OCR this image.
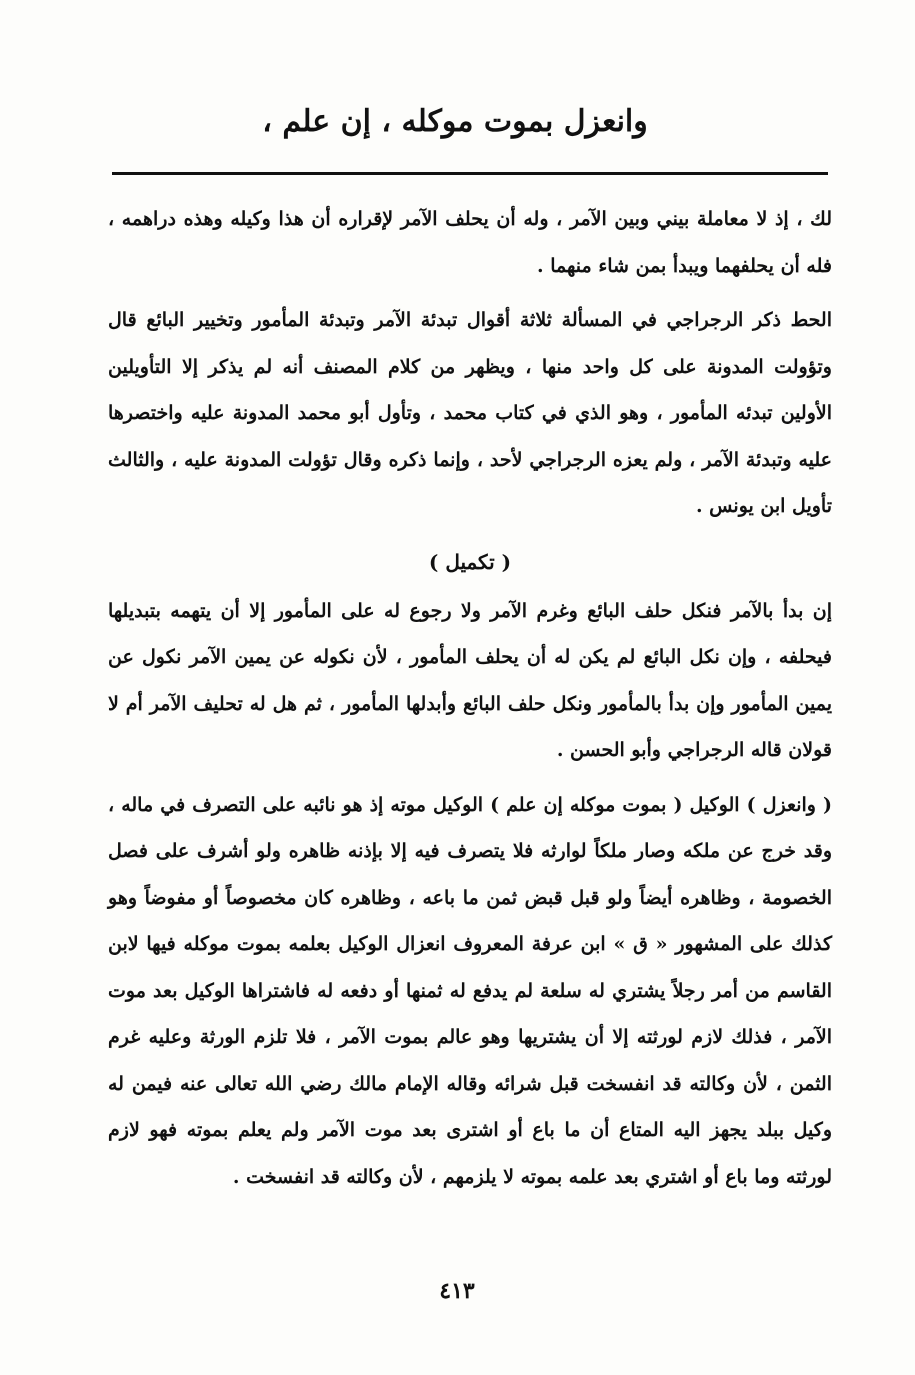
وانعزل بموت موكله ، إن علم ،

لك ، إذ لا معاملة بيني وبين الآمر ، وله أن يحلف الآمر لإقراره أن هذا وكيله وهذه دراهمه ، فله أن يحلفهما ويبدأ بمن شاء منهما .

الحط ذكر الرجراجي في المسألة ثلاثة أقوال تبدئة الآمر وتبدئة المأمور وتخيير البائع قال وتؤولت المدونة على كل واحد منها ، ويظهر من كلام المصنف أنه لم يذكر إلا التأويلين الأولين تبدئه المأمور ، وهو الذي في كتاب محمد ، وتأول أبو محمد المدونة عليه واختصرها عليه وتبدئة الآمر ، ولم يعزه الرجراجي لأحد ، وإنما ذكره وقال تؤولت المدونة عليه ، والثالث تأويل ابن يونس .

( تكميل )

إن بدأ بالآمر فنكل حلف البائع وغرم الآمر ولا رجوع له على المأمور إلا أن يتهمه بتبديلها فيحلفه ، وإن نكل البائع لم يكن له أن يحلف المأمور ، لأن نكوله عن يمين الآمر نكول عن يمين المأمور وإن بدأ بالمأمور ونكل حلف البائع وأبدلها المأمور ، ثم هل له تحليف الآمر أم لا قولان قاله الرجراجي وأبو الحسن .

( وانعزل ) الوكيل ( بموت موكله إن علم ) الوكيل موته إذ هو نائبه على التصرف في ماله ، وقد خرج عن ملكه وصار ملكاً لوارثه فلا يتصرف فيه إلا بإذنه ظاهره ولو أشرف على فصل الخصومة ، وظاهره أيضاً ولو قبل قبض ثمن ما باعه ، وظاهره كان مخصوصاً أو مفوضاً وهو كذلك على المشهور « ق » ابن عرفة المعروف انعزال الوكيل بعلمه بموت موكله فيها لابن القاسم من أمر رجلاً يشتري له سلعة لم يدفع له ثمنها أو دفعه له فاشتراها الوكيل بعد موت الآمر ، فذلك لازم لورثته إلا أن يشتريها وهو عالم بموت الآمر ، فلا تلزم الورثة وعليه غرم الثمن ، لأن وكالته قد انفسخت قبل شرائه وقاله الإمام مالك رضي الله تعالى عنه فيمن له وكيل ببلد يجهز اليه المتاع أن ما باع أو اشترى بعد موت الآمر ولم يعلم بموته فهو لازم لورثته وما باع أو اشتري بعد علمه بموته لا يلزمهم ، لأن وكالته قد انفسخت .

٤١٣
